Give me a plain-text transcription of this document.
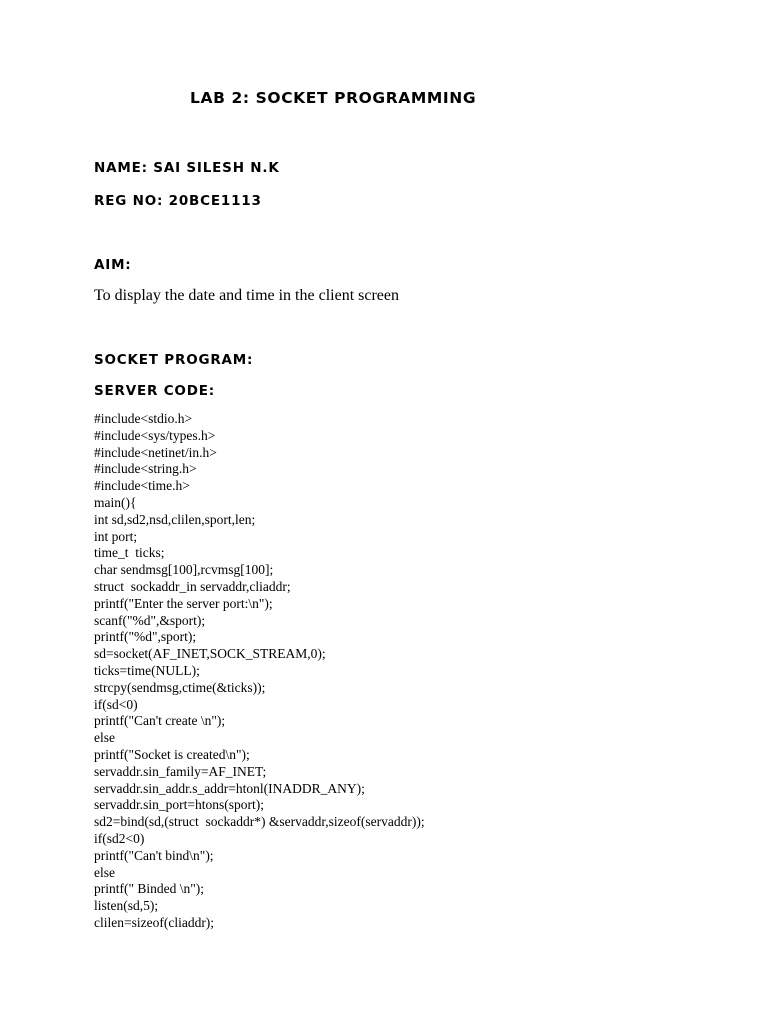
LAB 2: SOCKET PROGRAMMING
NAME: SAI SILESH N.K
REG NO: 20BCE1113
AIM:
To display the date and time in the client screen
SOCKET PROGRAM:
SERVER CODE:
#include<stdio.h>
#include<sys/types.h>
#include<netinet/in.h>
#include<string.h>
#include<time.h>
main(){
int sd,sd2,nsd,clilen,sport,len;
int port;
time_t  ticks;
char sendmsg[100],rcvmsg[100];
struct  sockaddr_in servaddr,cliaddr;
printf("Enter the server port:\n");
scanf("%d",&sport);
printf("%d",sport);
sd=socket(AF_INET,SOCK_STREAM,0);
ticks=time(NULL);
strcpy(sendmsg,ctime(&ticks));
if(sd<0)
printf("Can't create \n");
else
printf("Socket is created\n");
servaddr.sin_family=AF_INET;
servaddr.sin_addr.s_addr=htonl(INADDR_ANY);
servaddr.sin_port=htons(sport);
sd2=bind(sd,(struct  sockaddr*) &servaddr,sizeof(servaddr));
if(sd2<0)
printf("Can't bind\n");
else
printf(" Binded \n");
listen(sd,5);
clilen=sizeof(cliaddr);
